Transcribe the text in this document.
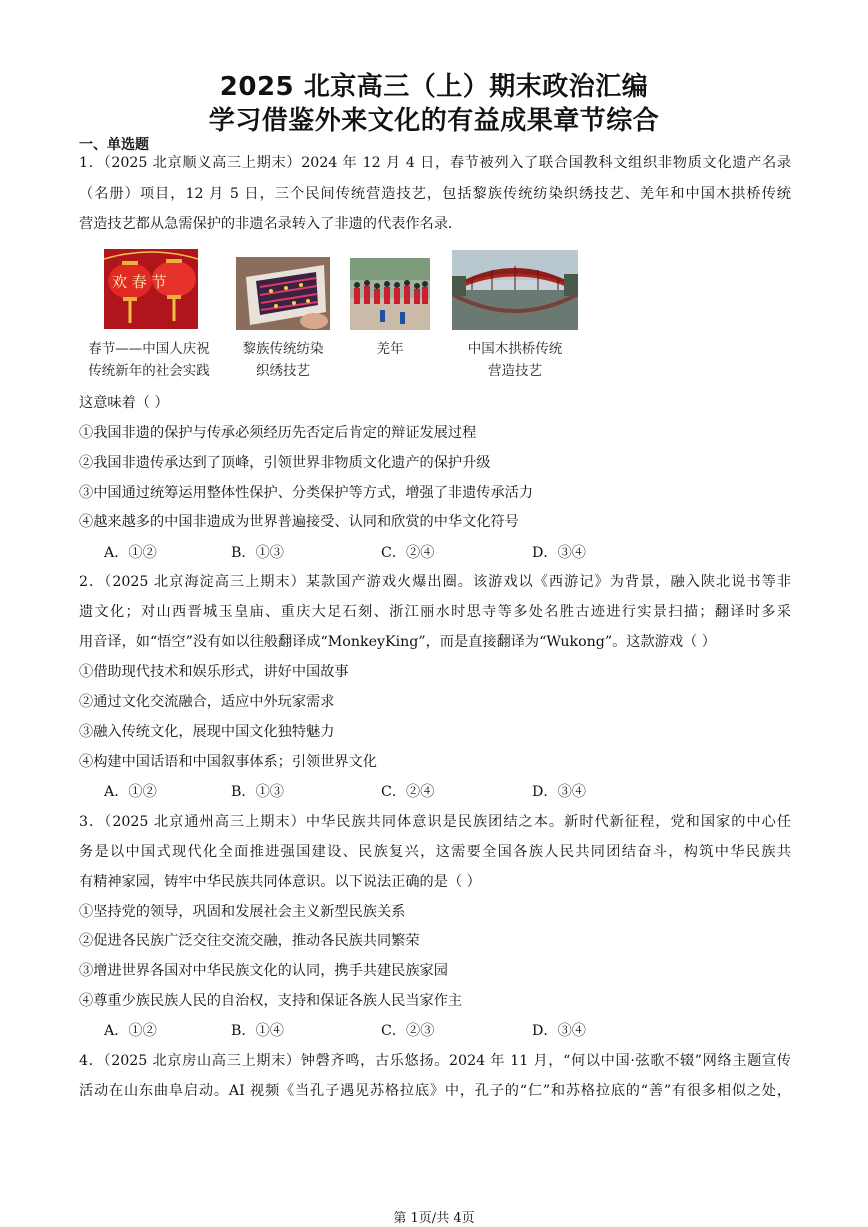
2025 北京高三（上）期末政治汇编
学习借鉴外来文化的有益成果章节综合
一、单选题
1．（2025 北京顺义高三上期末）2024 年 12 月 4 日，春节被列入了联合国教科文组织非物质文化遗产名录
（名册）项目，12 月 5 日，三个民间传统营造技艺，包括黎族传统纺染织绣技艺、羌年和中国木拱桥传统
营造技艺都从急需保护的非遗名录转入了非遗的代表作名录．
欢 春 节
春节——中国人庆祝
传统新年的社会实践
黎族传统纺染
织绣技艺
羌年	中国木拱桥传统
营造技艺
这意味着（ ）
①我国非遗的保护与传承必须经历先否定后肯定的辩证发展过程
②我国非遗传承达到了顶峰，引领世界非物质文化遗产的保护升级
③中国通过统筹运用整体性保护、分类保护等方式，增强了非遗传承活力
④越来越多的中国非遗成为世界普遍接受、认同和欣赏的中华文化符号
A．①②	B．①③	C．②④	D．③④
2．（2025 北京海淀高三上期末）某款国产游戏火爆出圈。该游戏以《西游记》为背景，融入陕北说书等非
遗文化；对山西晋城玉皇庙、重庆大足石刻、浙江丽水时思寺等多处名胜古迹进行实景扫描；翻译时多采
用音译，如“悟空”没有如以往般翻译成“MonkeyKing”，而是直接翻译为“Wukong”。这款游戏（ ）
①借助现代技术和娱乐形式，讲好中国故事
②通过文化交流融合，适应中外玩家需求
③融入传统文化，展现中国文化独特魅力
④构建中国话语和中国叙事体系；引领世界文化
A．①②	B．①③	C．②④	D．③④
3．（2025 北京通州高三上期末）中华民族共同体意识是民族团结之本。新时代新征程，党和国家的中心任
务是以中国式现代化全面推进强国建设、民族复兴，这需要全国各族人民共同团结奋斗，构筑中华民族共
有精神家园，铸牢中华民族共同体意识。以下说法正确的是（ ）
①坚持党的领导，巩固和发展社会主义新型民族关系
②促进各民族广泛交往交流交融，推动各民族共同繁荣
③增进世界各国对中华民族文化的认同，携手共建民族家园
④尊重少族民族人民的自治权，支持和保证各族人民当家作主
A．①②	B．①④	C．②③	D．③④
4．（2025 北京房山高三上期末）钟磬齐鸣，古乐悠扬。2024 年 11 月，“何以中国·弦歌不辍”网络主题宣传
活动在山东曲阜启动。AI 视频《当孔子遇见苏格拉底》中，孔子的“仁”和苏格拉底的“善”有很多相似之处，
第 1页/共 4页
